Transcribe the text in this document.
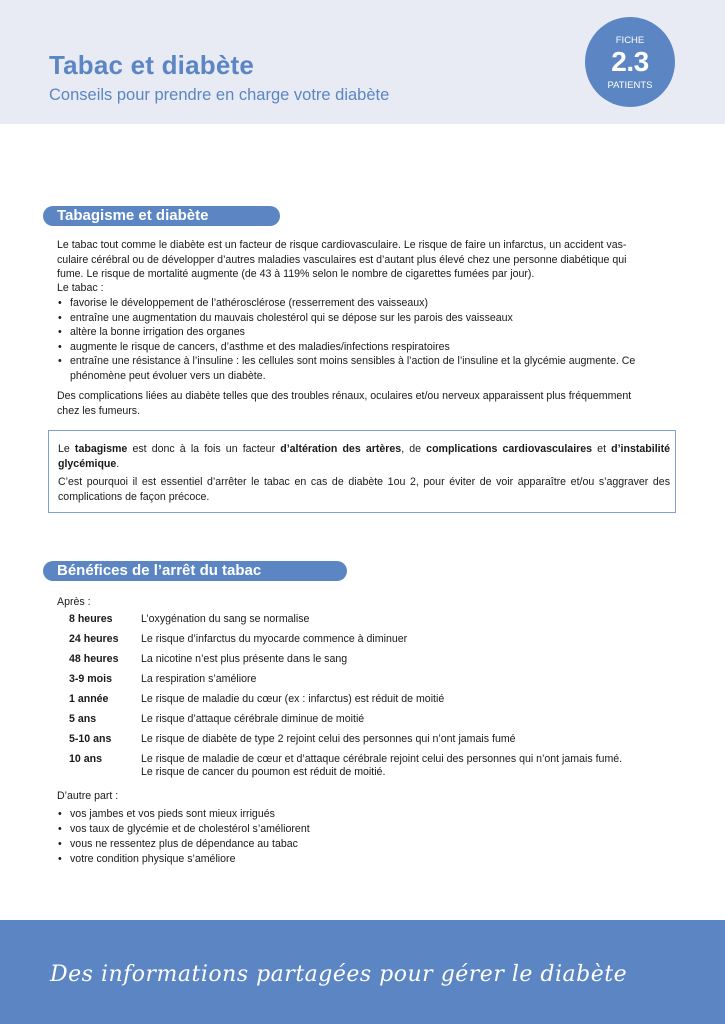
Tabac et diabète
Conseils pour prendre en charge votre diabète
FICHE
2.3
PATIENTS
Tabagisme et diabète
Le tabac tout comme le diabète est un facteur de risque cardiovasculaire. Le risque de faire un infarctus, un accident vas-
culaire cérébral ou de développer d’autres maladies vasculaires est d’autant plus élevé chez une personne diabétique qui
fume. Le risque de mortalité augmente (de 43 à 119% selon le nombre de cigarettes fumées par jour).
Le tabac :
• favorise le développement de l’athérosclérose (resserrement des vaisseaux)
• entraîne une augmentation du mauvais cholestérol qui se dépose sur les parois des vaisseaux
• altère la bonne irrigation des organes
• augmente le risque de cancers, d’asthme et des maladies/infections respiratoires
• entraîne une résistance à l’insuline : les cellules sont moins sensibles à l’action de l’insuline et la glycémie augmente. Ce phénomène peut évoluer vers un diabète.
Des complications liées au diabète telles que des troubles rénaux, oculaires et/ou nerveux apparaissent plus fréquemment
chez les fumeurs.

Le tabagisme est donc à la fois un facteur d’altération des artères, de complications cardiovasculaires et d’instabilité glycémique.

C’est pourquoi il est essentiel d’arrêter le tabac en cas de diabète 1ou 2, pour éviter de voir apparaître et/ou s’aggraver des complications de façon précoce.

Bénéfices de l’arrêt du tabac
Après :
8 heures	L’oxygénation du sang se normalise
24 heures Le risque d’infarctus du myocarde commence à diminuer
48 heures La nicotine n’est plus présente dans le sang
3-9 mois	La respiration s’améliore
1 année	Le risque de maladie du cœur (ex : infarctus) est réduit de moitié
5 ans	Le risque d’attaque cérébrale diminue de moitié
5-10 ans	Le risque de diabète de type 2 rejoint celui des personnes qui n’ont jamais fumé
10 ans	Le risque de maladie de cœur et d’attaque cérébrale rejoint celui des personnes qui n’ont jamais fumé.
Le risque de cancer du poumon est réduit de moitié.
D’autre part :
• vos jambes et vos pieds sont mieux irrigués
• vos taux de glycémie et de cholestérol s’améliorent
• vous ne ressentez plus de dépendance au tabac
• votre condition physique s’améliore
Des informations partagées pour gérer le diabète
